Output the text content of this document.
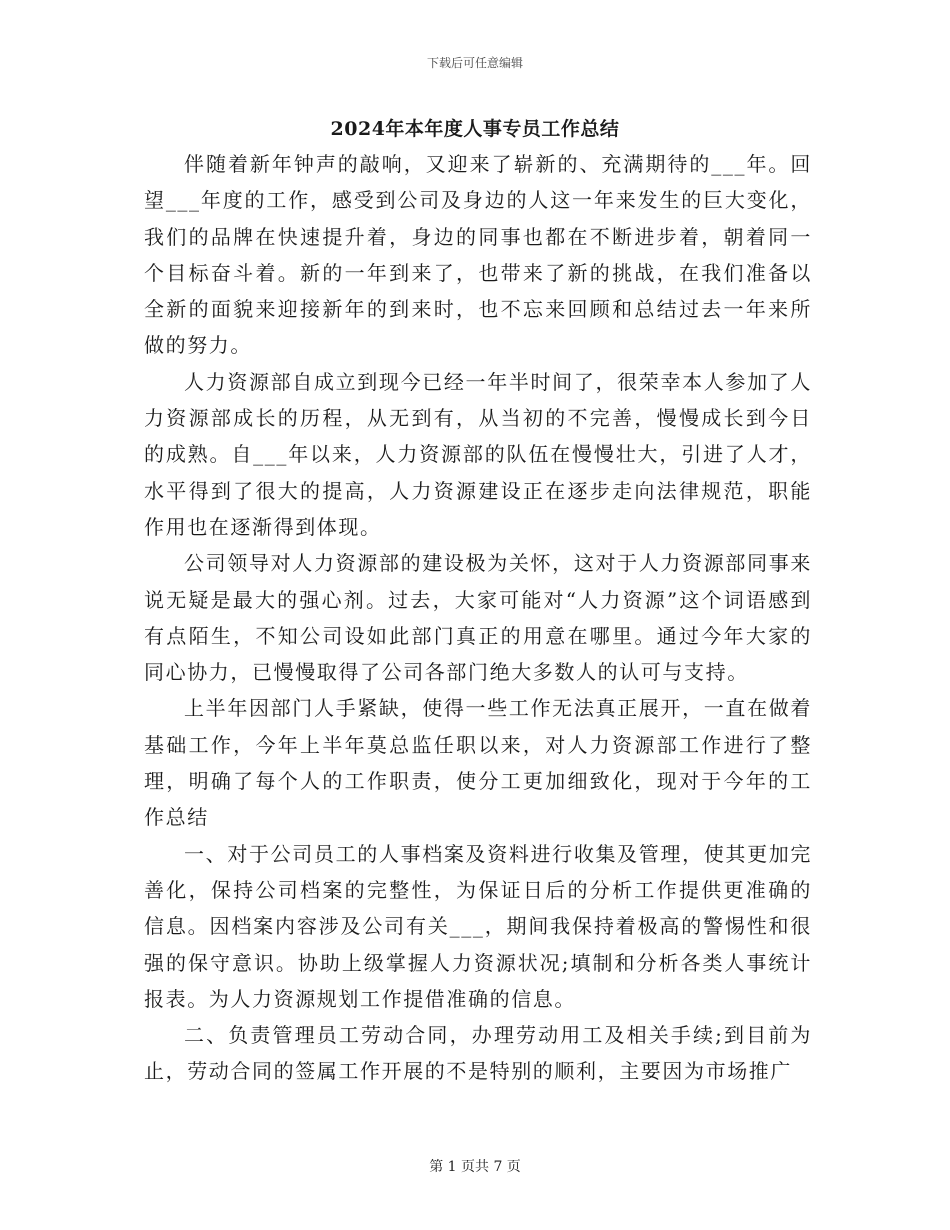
下载后可任意编辑
2024年本年度人事专员工作总结

伴随着新年钟声的敲响，又迎来了崭新的、充满期待的___年。回望___年度的工作，感受到公司及身边的人这一年来发生的巨大变化，我们的品牌在快速提升着，身边的同事也都在不断进步着，朝着同一个目标奋斗着。新的一年到来了，也带来了新的挑战，在我们准备以全新的面貌来迎接新年的到来时，也不忘来回顾和总结过去一年来所做的努力。

人力资源部自成立到现今已经一年半时间了，很荣幸本人参加了人力资源部成长的历程，从无到有，从当初的不完善，慢慢成长到今日的成熟。自___年以来，人力资源部的队伍在慢慢壮大，引进了人才，水平得到了很大的提高，人力资源建设正在逐步走向法律规范，职能作用也在逐渐得到体现。

公司领导对人力资源部的建设极为关怀，这对于人力资源部同事来说无疑是最大的强心剂。过去，大家可能对“人力资源”这个词语感到有点陌生，不知公司设如此部门真正的用意在哪里。通过今年大家的同心协力，已慢慢取得了公司各部门绝大多数人的认可与支持。

上半年因部门人手紧缺，使得一些工作无法真正展开，一直在做着基础工作，今年上半年莫总监任职以来，对人力资源部工作进行了整理，明确了每个人的工作职责，使分工更加细致化，现对于今年的工作总结

一、对于公司员工的人事档案及资料进行收集及管理，使其更加完善化，保持公司档案的完整性，为保证日后的分析工作提供更准确的信息。因档案内容涉及公司有关___，期间我保持着极高的警惕性和很强的保守意识。协助上级掌握人力资源状况;填制和分析各类人事统计报表。为人力资源规划工作提借准确的信息。

二、负责管理员工劳动合同，办理劳动用工及相关手续;到目前为止，劳动合同的签属工作开展的不是特别的顺利，主要因为市场推广

第 1 页共 7 页
